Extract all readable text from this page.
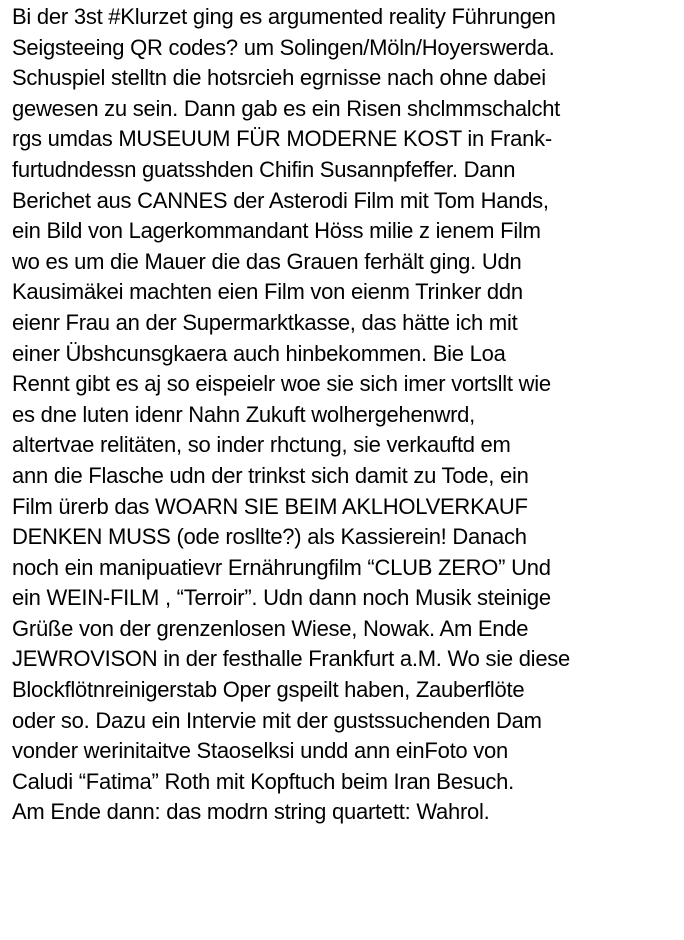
Bi der 3st #Klurzet ging es argumented reality Führungen
Seigsteeing QR codes? um Solingen/Möln/Hoyerswerda.
Schuspiel stelltn die hotsrcieh egrnisse nach ohne dabei
gewesen zu sein. Dann gab es ein Risen shclmmschalcht
rgs umdas MUSEUUM FÜR MODERNE KOST in Frank-
furtudndessn guatsshden Chifin Susannpfeffer. Dann
Berichet aus CANNES der Asterodi Film mit Tom Hands,
ein Bild von Lagerkommandant Höss milie z ienem Film
wo es um die Mauer die das Grauen ferhält ging. Udn
Kausimäkei machten eien Film von eienm Trinker ddn
eienr Frau an der Supermarktkasse, das hätte ich mit
einer Übshcunsgkaera auch hinbekommen. Bie Loa
Rennt gibt es aj so eispeielr woe sie sich imer vortsllt wie
es dne luten idenr Nahn Zukuft wolhergehenwrd,
altertvae relitäten, so inder rhctung, sie verkauftd em
ann die Flasche udn der trinkst sich damit zu Tode, ein
Film ürerb das WOARN SIE BEIM AKLHOLVERKAUF
DENKEN MUSS (ode rosllte?) als Kassierein! Danach
noch ein manipuatievr Ernährungfilm “CLUB ZERO” Und
ein WEIN-FILM , “Terroir”. Udn dann noch Musik steinige
Grüße von der grenzenlosen Wiese, Nowak. Am Ende
JEWROVISON in der festhalle Frankfurt a.M. Wo sie diese
Blockflötnreinigerstab Oper gspeilt haben, Zauberflöte
oder so. Dazu ein Intervie mit der gustssuchenden Dam
vonder werinitaitve Staoselksi undd ann einFoto von
Caludi “Fatima” Roth mit Kopftuch beim Iran Besuch.
Am Ende dann: das modrn string quartett: Wahrol.
